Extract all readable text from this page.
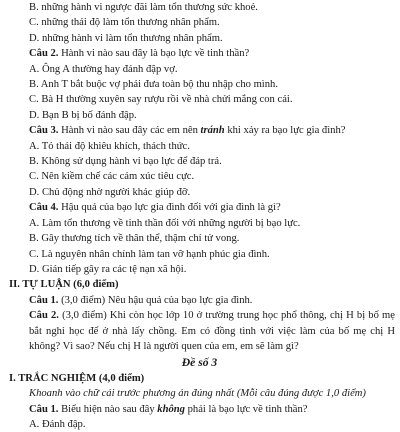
B. những hành vi ngược đãi làm tổn thương sức khoẻ.
C. những thái độ làm tổn thương nhân phẩm.
D. những hành vi làm tổn thương nhân phẩm.
Câu 2. Hành vi nào sau đây là bạo lực về tinh thần?
A. Ông A thường hay đánh đập vợ.
B. Anh T bắt buộc vợ phải đưa toàn bộ thu nhập cho mình.
C. Bà H thường xuyên say rượu rồi về nhà chửi mắng con cái.
D. Bạn B bị bố đánh đập.
Câu 3. Hành vi nào sau đây các em nên tránh khi xảy ra bạo lực gia đình?
A. Tỏ thái độ khiêu khích, thách thức.
B. Không sử dụng hành vi bạo lực để đáp trả.
C. Nên kiềm chế các cảm xúc tiêu cực.
D. Chủ động nhờ người khác giúp đỡ.
Câu 4. Hậu quả của bạo lực gia đình đối với gia đình là gì?
A. Làm tổn thương về tinh thần đối với những người bị bạo lực.
B. Gây thương tích về thân thể, thậm chí tử vong.
C. Là nguyên nhân chính làm tan vỡ hạnh phúc gia đình.
D. Gián tiếp gây ra các tệ nạn xã hội.
II. TỰ LUẬN (6,0 điểm)
Câu 1. (3,0 điểm) Nêu hậu quả của bạo lực gia đình.
Câu 2. (3,0 điểm) Khi còn học lớp 10 ở trường trung học phổ thông, chị H bị bố mẹ bắt nghỉ học để ở nhà lấy chồng. Em có đồng tình với việc làm của bố mẹ chị H không? Vì sao? Nếu chị H là người quen của em, em sẽ làm gì?
Đề số 3
I. TRẮC NGHIỆM (4,0 điểm)
Khoanh vào chữ cái trước phương án đúng nhất (Mỗi câu đúng được 1,0 điểm)
Câu 1. Biểu hiện nào sau đây không phải là bạo lực về tinh thần?
A. Đánh đập.
